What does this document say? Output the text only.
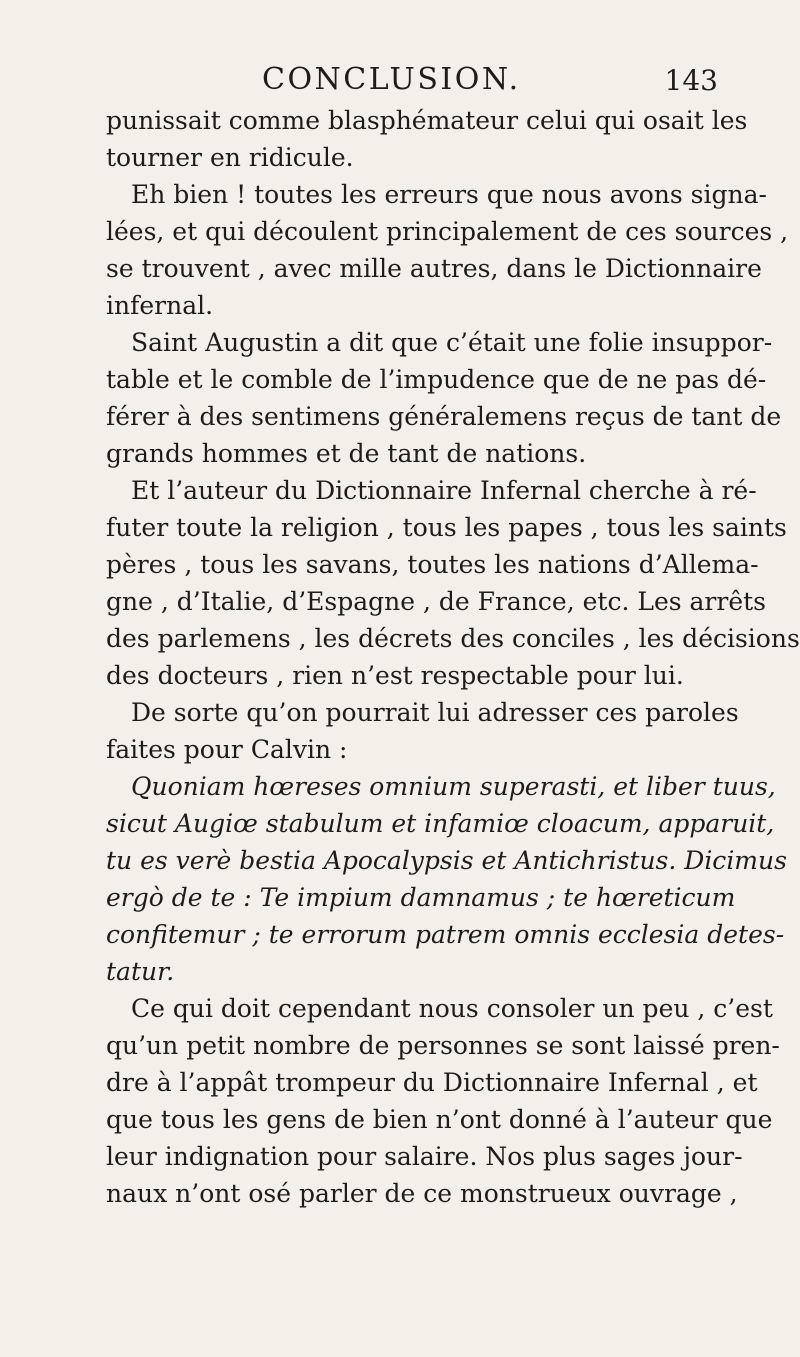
CONCLUSION.	143
punissait comme blasphémateur celui qui osait les
tourner en ridicule.
Eh bien ! toutes les erreurs que nous avons signa-
lées, et qui découlent principalement de ces sources ,
se trouvent , avec mille autres, dans le Dictionnaire
infernal.
Saint Augustin a dit que c’était une folie insuppor-
table et le comble de l’impudence que de ne pas dé-
férer à des sentimens généralemens reçus de tant de
grands hommes et de tant de nations.
Et l’auteur du Dictionnaire Infernal cherche à ré-
futer toute la religion , tous les papes , tous les saints
pères , tous les savans, toutes les nations d’Allema-
gne , d’Italie, d’Espagne , de France, etc. Les arrêts
des parlemens , les décrets des conciles , les décisions
des docteurs , rien n’est respectable pour lui.
De sorte qu’on pourrait lui adresser ces paroles
faites pour Calvin :
Quoniam hœreses omnium superasti, et liber tuus,
sicut Augiœ stabulum et infamiœ cloacum, apparuit,
tu es verè bestia Apocalypsis et Antichristus. Dicimus
ergò de te : Te impium damnamus ; te hœreticum
confitemur ; te errorum patrem omnis ecclesia detes-
tatur.
Ce qui doit cependant nous consoler un peu , c’est
qu’un petit nombre de personnes se sont laissé pren-
dre à l’appât trompeur du Dictionnaire Infernal , et
que tous les gens de bien n’ont donné à l’auteur que
leur indignation pour salaire. Nos plus sages jour-
naux n’ont osé parler de ce monstrueux ouvrage ,
